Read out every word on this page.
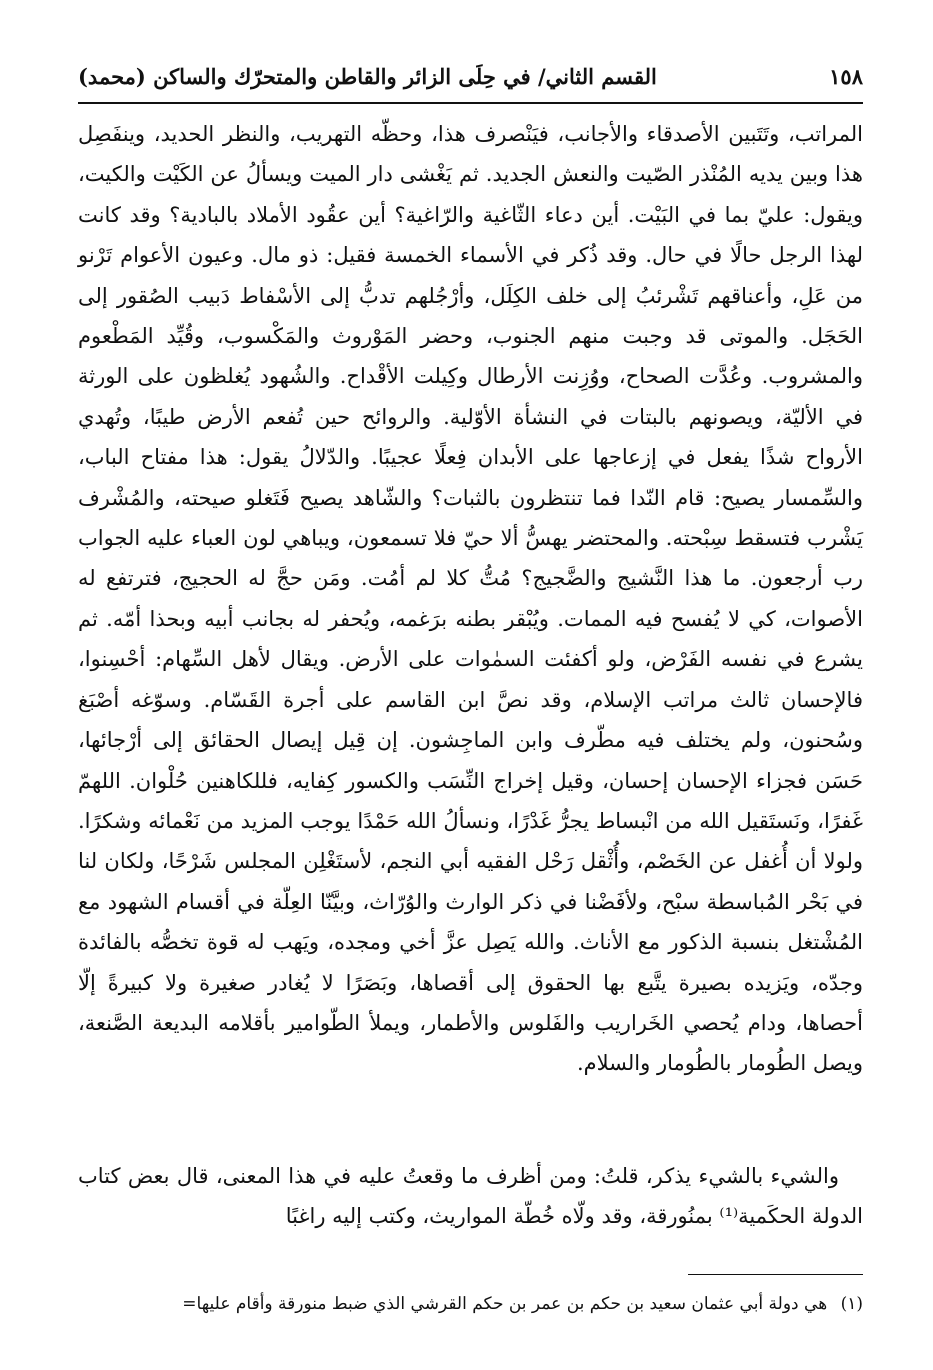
١٥٨
القسم الثاني/ في حِلَى الزائر والقاطن والمتحرّك والساكن (محمد)

المراتب، وتَتَبين الأصدقاء والأجانب، فيَنْصرف هذا، وحظّه التهريب، والنظر الحديد، وينفَصِل هذا وبين يديه المُنْذر الصّيت والنعش الجديد. ثم يَغْشى دار الميت ويسألُ عن الكَيْت والكيت، ويقول: عليّ بما في البَيْت. أين دعاء الثّاغية والرّاغية؟ أين عقُود الأملاد بالبادية؟ وقد كانت لهذا الرجل حالًا في حال. وقد ذُكر في الأسماء الخمسة فقيل: ذو مال. وعيون الأعوام تَرْنو من عَلِ، وأعناقهم تَشْرئبُ إلى خلف الكِلَل، وأرْجُلهم تدبُّ إلى الأسْفاط دَبيب الصُقور إلى الحَجَل. والموتى قد وجبت منهم الجنوب، وحضر المَوْروث والمَكْسوب، وقُيِّد المَطْعوم والمشروب. وعُدَّت الصحاح، ووُزِنت الأرطال وكِيلت الأقْداح. والشُهود يُغلظون على الورثة في الأليّة، ويصونهم بالبتات في النشأة الأوّلية. والروائح حين تُفعم الأرض طيبًا، وتُهدي الأرواح شذًا يفعل في إزعاجها على الأبدان فِعلًا عجيبًا. والدّلالُ يقول: هذا مفتاح الباب، والسِّمسار يصيح: قام النّدا فما تنتظرون بالثبات؟ والشّاهد يصيح فَتَغلو صيحته، والمُشْرف يَشْرب فتسقط سِبْحته. والمحتضر يهسُّ ألا حيّ فلا تسمعون، ويباهي لون العباء عليه الجواب رب أرجعون. ما هذا النَّشيج والضَّجيج؟ مُتُّ كلا لم أمُت. ومَن حجَّ له الحجيج، فترتفع له الأصوات، كي لا يُفسح فيه الممات. ويُبْقر بطنه برَغمه، ويُحفر له بجانب أبيه وبحذا أمّه. ثم يشرع في نفسه الفَرْض، ولو أكفئت السمٰوات على الأرض. ويقال لأهل السِّهام: أحْسِنوا، فالإحسان ثالث مراتب الإسلام، وقد نصَّ ابن القاسم على أجرة القَسّام. وسوّغه أصْبَغ وسُحنون، ولم يختلف فيه مطّرف وابن الماجِشون. إن قِيل إيصال الحقائق إلى أرْجائها، حَسَن فجزاء الإحسان إحسان، وقيل إخراج النِّسَب والكسور كِفايه، فللكاهنين حُلْوان. اللهمّ غَفرًا، ونَستَقيل الله من انْبساط يجرُّ غَدْرًا، ونسألُ الله حَمْدًا يوجب المزيد من نَعْمائه وشكرًا. ولولا أن أُغفل عن الخَصْم، وأُثْقل رَحْل الفقيه أبي النجم، لأستَغْلِن المجلس شَرْحًا، ولكان لنا في بَحْر المُباسطة سبْح، ولأفَضْنا في ذكر الوارث والوُرّاث، وبيَّنّا العِلّة في أقسام الشهود مع المُشْتغل بنسبة الذكور مع الأناث. والله يَصِل عزَّ أخي ومجده، ويَهب له قوة تخصُّه بالفائدة وجدّه، ويَزيده بصيرة يتَّبع بها الحقوق إلى أقصاها، وبَصَرًا لا يُغادر صغيرة ولا كبيرةً إلّا أحصاها، ودام يُحصي الخَراريب والفَلوس والأطمار، ويملأ الطّوامير بأقلامه البديعة الصَّنعة، ويصل الطُومار بالطُومار والسلام.

والشيء بالشيء يذكر، قلتُ: ومن أظرف ما وقعتُ عليه في هذا المعنى، قال بعض كتاب الدولة الحكَمية⁽¹⁾ بمنُورقة، وقد ولّاه خُطّة المواريث، وكتب إليه راغبًا

(١) هي دولة أبي عثمان سعيد بن حكم بن عمر بن حكم القرشي الذي ضبط منورقة وأقام عليها=
